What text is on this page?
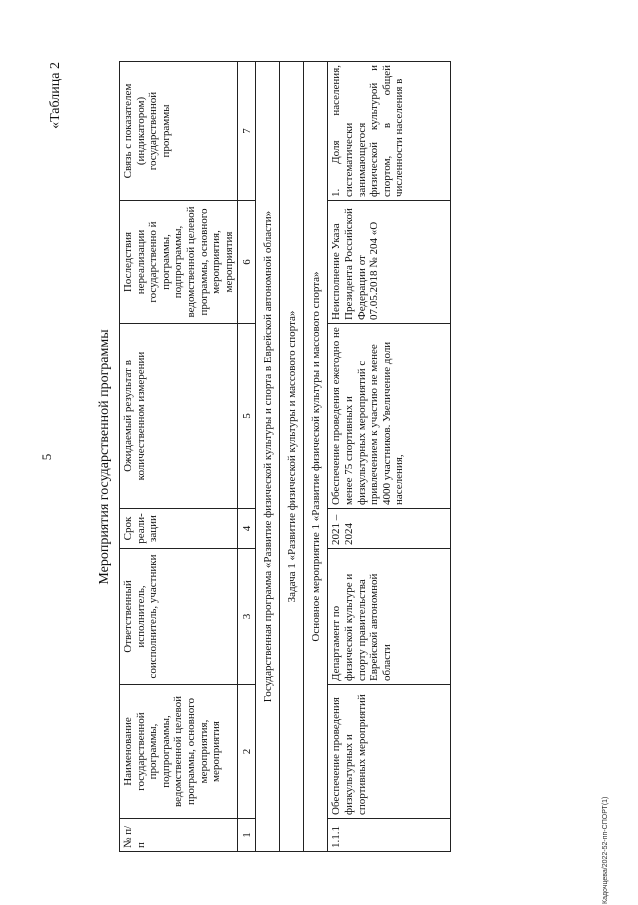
5
«Таблица 2
Мероприятия государственной программы
№ п/п	Наименование государственной программы, подпрограммы, ведомственной целевой программы, основного мероприятия, мероприятия	Ответственный исполнитель, соисполнитель, участники	Срок реали-зации	Ожидаемый результат в количественном измерении	Последствия нереализации государственно й программы, подпрограммы, ведомственной целевой программы, основного мероприятия, мероприятия	Связь с показателем (индикатором) государственной программы
1	2	3	4	5	6	7
Государственная программа «Развитие физической культуры и спорта в Еврейской автономной области»						
Задача 1 «Развитие физической культуры и массового спорта»						
Основное мероприятие 1 «Развитие физической культуры и массового спорта»						
1.1.1	Обеспечение проведения физкультурных и спортивных мероприятий	Департамент по физической культуре и спорту правительства Еврейской автономной области	2021 – 2024	Обеспечение проведения ежегодно не менее 75 спортивных и физкультурных мероприятий с привлечением к участию не менее 4000 участников. Увеличение доли населения,	Неисполнение Указа Президента Российской Федерации от 07.05.2018 № 204 «О	1. Доля населения, систематически занимающегося физической культурой и спортом, в общей численности населения в
Кадочцева/2022-52-пп-СПОРТ(1)
